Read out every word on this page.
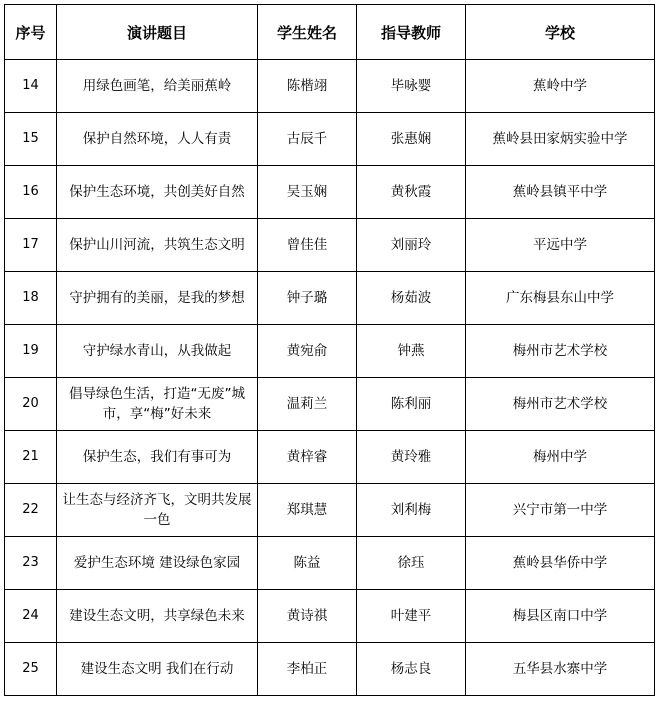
序号	演讲题目	学生姓名	指导教师	学校
14	用绿色画笔，给美丽蕉岭	陈楷翊	毕咏婴	蕉岭中学
15	保护自然环境，人人有责	古辰千	张惠娴	蕉岭县田家炳实验中学
16	保护生态环境，共创美好自然	吴玉娴	黄秋霞	蕉岭县镇平中学
17	保护山川河流，共筑生态文明	曾佳佳	刘丽玲	平远中学
18	守护拥有的美丽，是我的梦想	钟子璐	杨茹波	广东梅县东山中学
19	守护绿水青山，从我做起	黄宛俞	钟燕	梅州市艺术学校
20	倡导绿色生活，打造“无废”城市，享“梅”好未来	温莉兰	陈利丽	梅州市艺术学校
21	保护生态，我们有事可为	黄梓睿	黄玲雅	梅州中学
22	让生态与经济齐飞，文明共发展一色	郑琪慧	刘利梅	兴宁市第一中学
23	爱护生态环境 建设绿色家园	陈益	徐珏	蕉岭县华侨中学
24	建设生态文明，共享绿色未来	黄诗祺	叶建平	梅县区南口中学
25	建设生态文明 我们在行动	李柏正	杨志良	五华县水寨中学
